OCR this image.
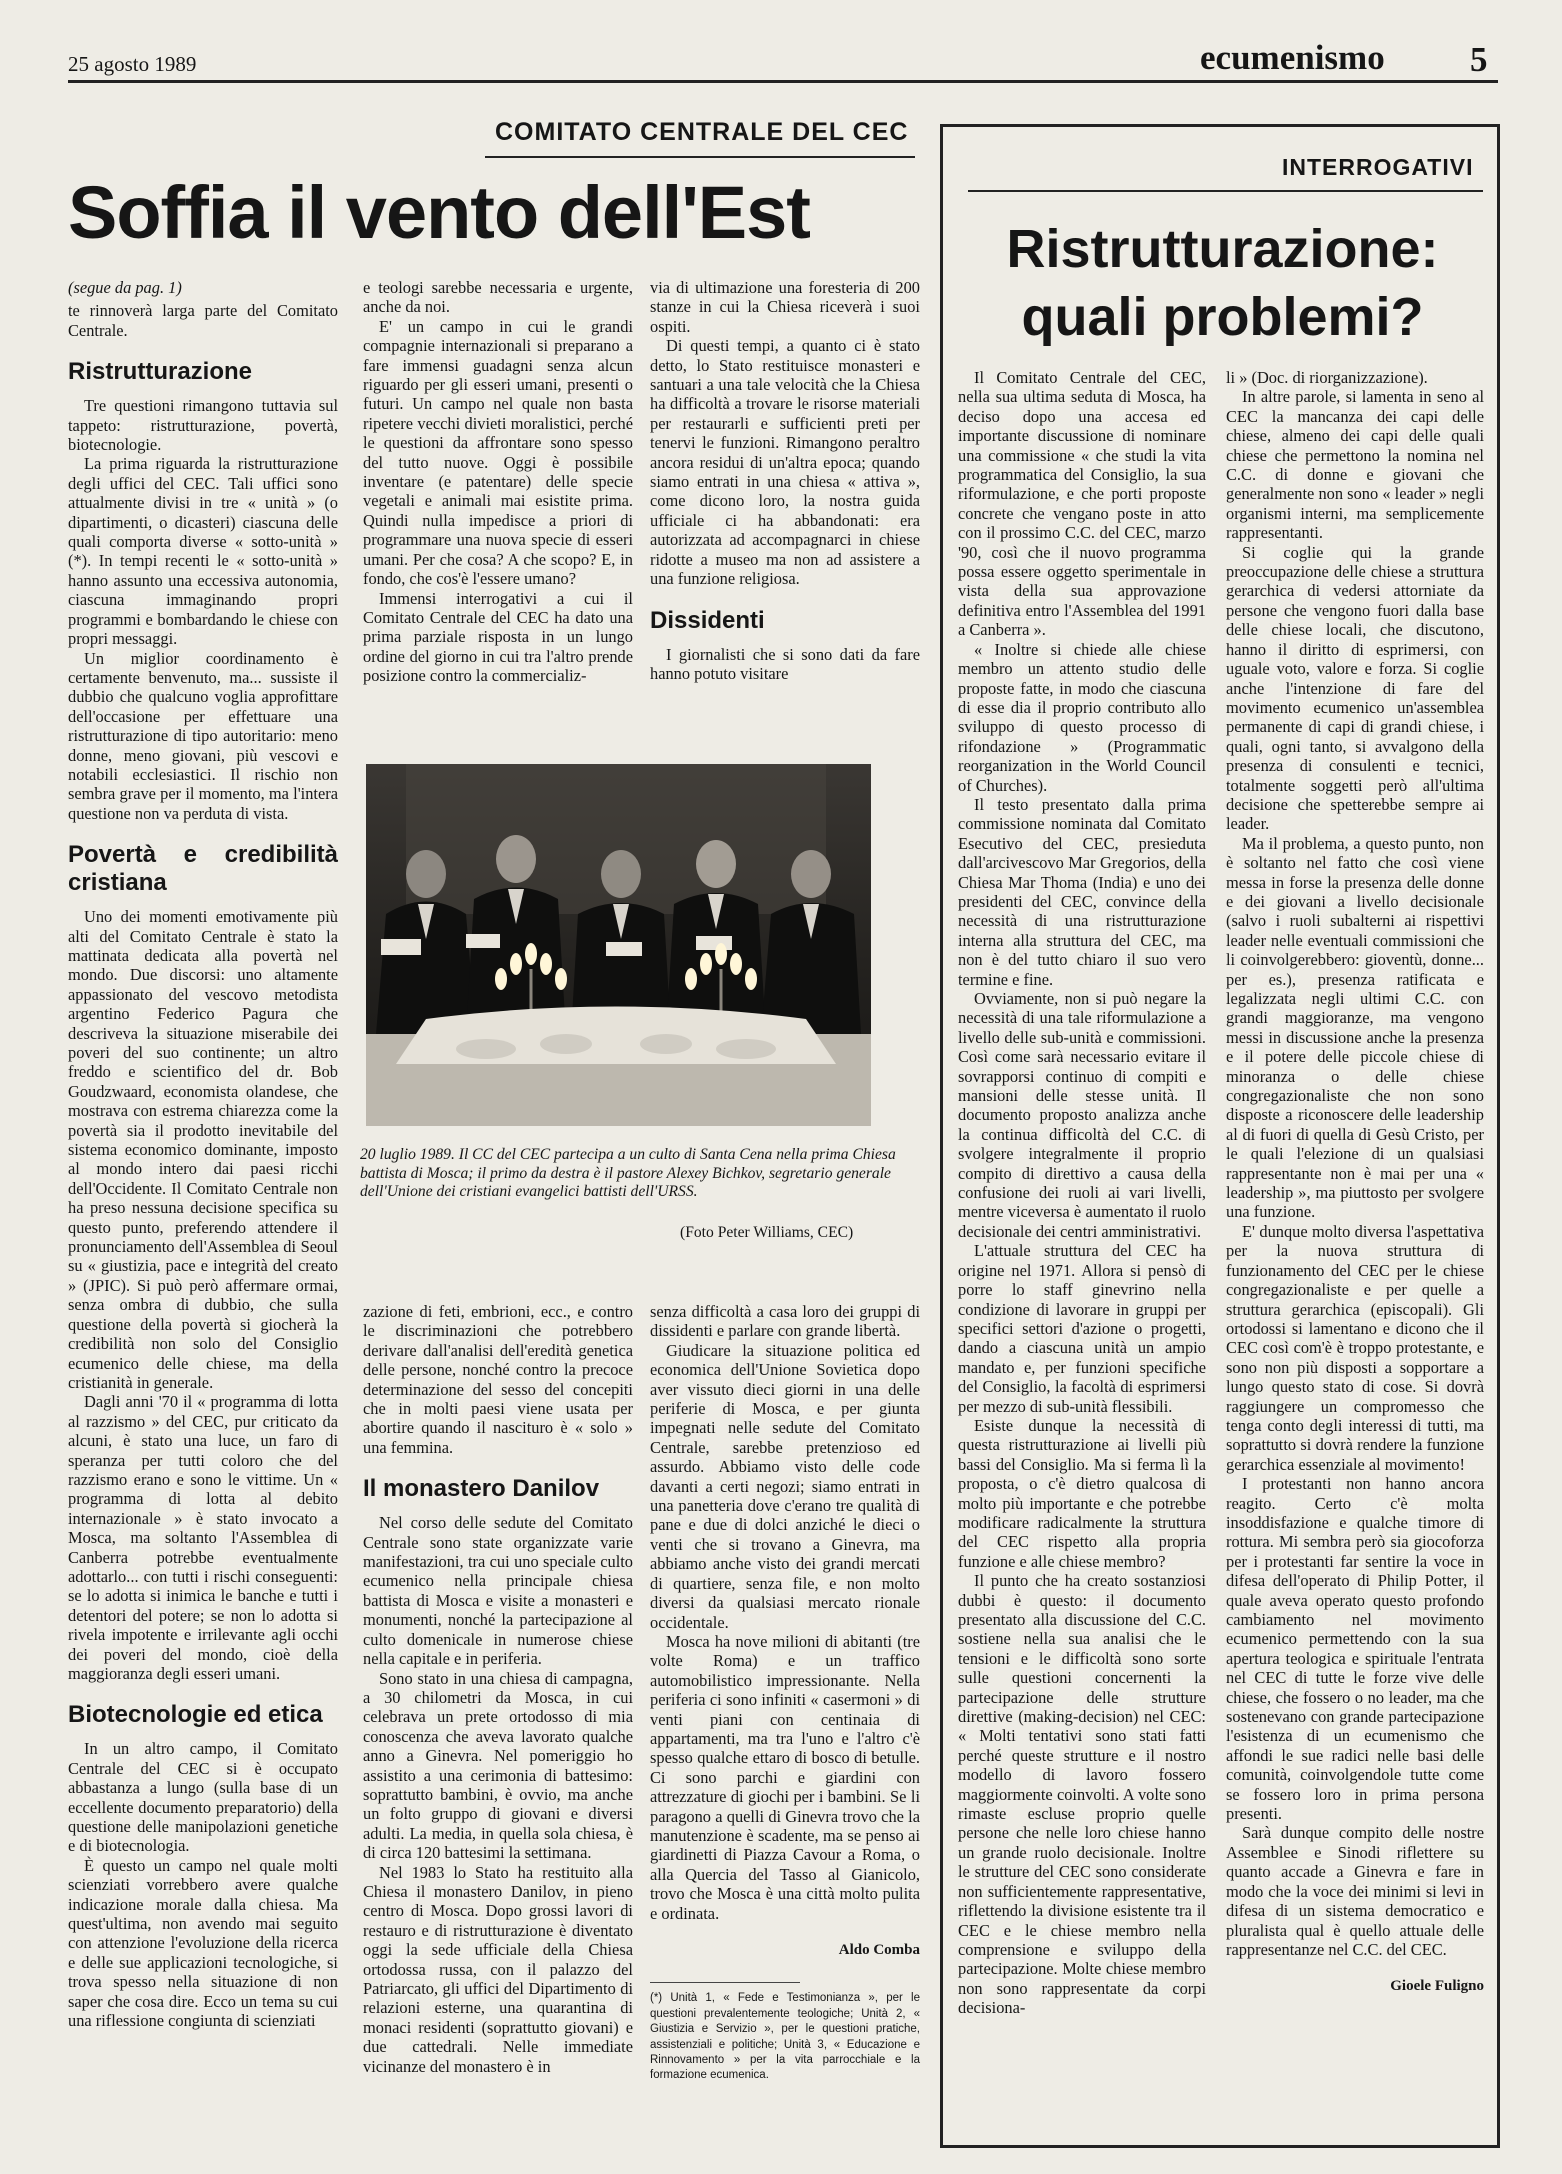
25 agosto 1989	ecumenismo 5
COMITATO CENTRALE DEL CEC
Soffia il vento dell'Est

(segue da pag. 1)

te rinnoverà larga parte del Comitato Centrale.

Ristrutturazione

Tre questioni rimangono tuttavia sul tappeto: ristrutturazione, povertà, biotecnologie.

La prima riguarda la ristrutturazione degli uffici del CEC. Tali uffici sono attualmente divisi in tre « unità » (o dipartimenti, o dicasteri) ciascuna delle quali comporta diverse « sotto-unità » (*). In tempi recenti le « sotto-unità » hanno assunto una eccessiva autonomia, ciascuna immaginando propri programmi e bombardando le chiese con propri messaggi.

Un miglior coordinamento è certamente benvenuto, ma... sussiste il dubbio che qualcuno voglia approfittare dell'occasione per effettuare una ristrutturazione di tipo autoritario: meno donne, meno giovani, più vescovi e notabili ecclesiastici. Il rischio non sembra grave per il momento, ma l'intera questione non va perduta di vista.

Povertà e credibilità cristiana

Uno dei momenti emotivamente più alti del Comitato Centrale è stato la mattinata dedicata alla povertà nel mondo. Due discorsi: uno altamente appassionato del vescovo metodista argentino Federico Pagura che descriveva la situazione miserabile dei poveri del suo continente; un altro freddo e scientifico del dr. Bob Goudzwaard, economista olandese, che mostrava con estrema chiarezza come la povertà sia il prodotto inevitabile del sistema economico dominante, imposto al mondo intero dai paesi ricchi dell'Occidente. Il Comitato Centrale non ha preso nessuna decisione specifica su questo punto, preferendo attendere il pronunciamento dell'Assemblea di Seoul su « giustizia, pace e integrità del creato » (JPIC). Si può però affermare ormai, senza ombra di dubbio, che sulla questione della povertà si giocherà la credibilità non solo del Consiglio ecumenico delle chiese, ma della cristianità in generale.

Dagli anni '70 il « programma di lotta al razzismo » del CEC, pur criticato da alcuni, è stato una luce, un faro di speranza per tutti coloro che del razzismo erano e sono le vittime. Un « programma di lotta al debito internazionale » è stato invocato a Mosca, ma soltanto l'Assemblea di Canberra potrebbe eventualmente adottarlo... con tutti i rischi conseguenti: se lo adotta si inimica le banche e tutti i detentori del potere; se non lo adotta si rivela impotente e irrilevante agli occhi dei poveri del mondo, cioè della maggioranza degli esseri umani.

Biotecnologie ed etica

In un altro campo, il Comitato Centrale del CEC si è occupato abbastanza a lungo (sulla base di un eccellente documento preparatorio) della questione delle manipolazioni genetiche e di biotecnologia.

È questo un campo nel quale molti scienziati vorrebbero avere qualche indicazione morale dalla chiesa. Ma quest'ultima, non avendo mai seguito con attenzione l'evoluzione della ricerca e delle sue applicazioni tecnologiche, si trova spesso nella situazione di non saper che cosa dire. Ecco un tema su cui una riflessione congiunta di scienziati

e teologi sarebbe necessaria e urgente, anche da noi.

E' un campo in cui le grandi compagnie internazionali si preparano a fare immensi guadagni senza alcun riguardo per gli esseri umani, presenti o futuri. Un campo nel quale non basta ripetere vecchi divieti moralistici, perché le questioni da affrontare sono spesso del tutto nuove. Oggi è possibile inventare (e patentare) delle specie vegetali e animali mai esistite prima. Quindi nulla impedisce a priori di programmare una nuova specie di esseri umani. Per che cosa? A che scopo? E, in fondo, che cos'è l'essere umano?

Immensi interrogativi a cui il Comitato Centrale del CEC ha dato una prima parziale risposta in un lungo ordine del giorno in cui tra l'altro prende posizione contro la commercializ-

via di ultimazione una foresteria di 200 stanze in cui la Chiesa riceverà i suoi ospiti.

Di questi tempi, a quanto ci è stato detto, lo Stato restituisce monasteri e santuari a una tale velocità che la Chiesa ha difficoltà a trovare le risorse materiali per restaurarli e sufficienti preti per tenervi le funzioni. Rimangono peraltro ancora residui di un'altra epoca; quando siamo entrati in una chiesa « attiva », come dicono loro, la nostra guida ufficiale ci ha abbandonati: era autorizzata ad accompagnarci in chiese ridotte a museo ma non ad assistere a una funzione religiosa.

Dissidenti

I giornalisti che si sono dati da fare hanno potuto visitare

20 luglio 1989. Il CC del CEC partecipa a un culto di Santa Cena nella prima Chiesa battista di Mosca; il primo da destra è il pastore Alexey Bichkov, segretario generale dell'Unione dei cristiani evangelici battisti dell'URSS.
(Foto Peter Williams, CEC)

zazione di feti, embrioni, ecc., e contro le discriminazioni che potrebbero derivare dall'analisi dell'eredità genetica delle persone, nonché contro la precoce determinazione del sesso del concepiti che in molti paesi viene usata per abortire quando il nascituro è « solo » una femmina.

Il monastero Danilov

Nel corso delle sedute del Comitato Centrale sono state organizzate varie manifestazioni, tra cui uno speciale culto ecumenico nella principale chiesa battista di Mosca e visite a monasteri e monumenti, nonché la partecipazione al culto domenicale in numerose chiese nella capitale e in periferia.

Sono stato in una chiesa di campagna, a 30 chilometri da Mosca, in cui celebrava un prete ortodosso di mia conoscenza che aveva lavorato qualche anno a Ginevra. Nel pomeriggio ho assistito a una cerimonia di battesimo: soprattutto bambini, è ovvio, ma anche un folto gruppo di giovani e diversi adulti. La media, in quella sola chiesa, è di circa 120 battesimi la settimana.

Nel 1983 lo Stato ha restituito alla Chiesa il monastero Danilov, in pieno centro di Mosca. Dopo grossi lavori di restauro e di ristrutturazione è diventato oggi la sede ufficiale della Chiesa ortodossa russa, con il palazzo del Patriarcato, gli uffici del Dipartimento di relazioni esterne, una quarantina di monaci residenti (soprattutto giovani) e due cattedrali. Nelle immediate vicinanze del monastero è in

senza difficoltà a casa loro dei gruppi di dissidenti e parlare con grande libertà.

Giudicare la situazione politica ed economica dell'Unione Sovietica dopo aver vissuto dieci giorni in una delle periferie di Mosca, e per giunta impegnati nelle sedute del Comitato Centrale, sarebbe pretenzioso ed assurdo. Abbiamo visto delle code davanti a certi negozi; siamo entrati in una panetteria dove c'erano tre qualità di pane e due di dolci anziché le dieci o venti che si trovano a Ginevra, ma abbiamo anche visto dei grandi mercati di quartiere, senza file, e non molto diversi da qualsiasi mercato rionale occidentale.

Mosca ha nove milioni di abitanti (tre volte Roma) e un traffico automobilistico impressionante. Nella periferia ci sono infiniti « casermoni » di venti piani con centinaia di appartamenti, ma tra l'uno e l'altro c'è spesso qualche ettaro di bosco di betulle. Ci sono parchi e giardini con attrezzature di giochi per i bambini. Se li paragono a quelli di Ginevra trovo che la manutenzione è scadente, ma se penso ai giardinetti di Piazza Cavour a Roma, o alla Quercia del Tasso al Gianicolo, trovo che Mosca è una città molto pulita e ordinata.

Aldo Comba
(*) Unità 1, « Fede e Testimonianza », per le questioni prevalentemente teologiche; Unità 2, « Giustizia e Servizio », per le questioni pratiche, assistenziali e politiche; Unità 3, « Educazione e Rinnovamento » per la vita parrocchiale e la formazione ecumenica.
INTERROGATIVI
Ristrutturazione: quali problemi?

Il Comitato Centrale del CEC, nella sua ultima seduta di Mosca, ha deciso dopo una accesa ed importante discussione di nominare una commissione « che studi la vita programmatica del Consiglio, la sua riformulazione, e che porti proposte concrete che vengano poste in atto con il prossimo C.C. del CEC, marzo '90, così che il nuovo programma possa essere oggetto sperimentale in vista della sua approvazione definitiva entro l'Assemblea del 1991 a Canberra ».

« Inoltre si chiede alle chiese membro un attento studio delle proposte fatte, in modo che ciascuna di esse dia il proprio contributo allo sviluppo di questo processo di rifondazione » (Programmatic reorganization in the World Council of Churches).

Il testo presentato dalla prima commissione nominata dal Comitato Esecutivo del CEC, presieduta dall'arcivescovo Mar Gregorios, della Chiesa Mar Thoma (India) e uno dei presidenti del CEC, convince della necessità di una ristrutturazione interna alla struttura del CEC, ma non è del tutto chiaro il suo vero termine e fine.

Ovviamente, non si può negare la necessità di una tale riformulazione a livello delle sub-unità e commissioni. Così come sarà necessario evitare il sovrapporsi continuo di compiti e mansioni delle stesse unità. Il documento proposto analizza anche la continua difficoltà del C.C. di svolgere integralmente il proprio compito di direttivo a causa della confusione dei ruoli ai vari livelli, mentre viceversa è aumentato il ruolo decisionale dei centri amministrativi.

L'attuale struttura del CEC ha origine nel 1971. Allora si pensò di porre lo staff ginevrino nella condizione di lavorare in gruppi per specifici settori d'azione o progetti, dando a ciascuna unità un ampio mandato e, per funzioni specifiche del Consiglio, la facoltà di esprimersi per mezzo di sub-unità flessibili.

Esiste dunque la necessità di questa ristrutturazione ai livelli più bassi del Consiglio. Ma si ferma lì la proposta, o c'è dietro qualcosa di molto più importante e che potrebbe modificare radicalmente la struttura del CEC rispetto alla propria funzione e alle chiese membro?

Il punto che ha creato sostanziosi dubbi è questo: il documento presentato alla discussione del C.C. sostiene nella sua analisi che le tensioni e le difficoltà sono sorte sulle questioni concernenti la partecipazione delle strutture direttive (making-decision) nel CEC: « Molti tentativi sono stati fatti perché queste strutture e il nostro modello di lavoro fossero maggiormente coinvolti. A volte sono rimaste escluse proprio quelle persone che nelle loro chiese hanno un grande ruolo decisionale. Inoltre le strutture del CEC sono considerate non sufficientemente rappresentative, riflettendo la divisione esistente tra il CEC e le chiese membro nella comprensione e sviluppo della partecipazione. Molte chiese membro non sono rappresentate da corpi decisiona-

li » (Doc. di riorganizzazione).

In altre parole, si lamenta in seno al CEC la mancanza dei capi delle chiese, almeno dei capi delle quali chiese che permettono la nomina nel C.C. di donne e giovani che generalmente non sono « leader » negli organismi interni, ma semplicemente rappresentanti.

Si coglie qui la grande preoccupazione delle chiese a struttura gerarchica di vedersi attorniate da persone che vengono fuori dalla base delle chiese locali, che discutono, hanno il diritto di esprimersi, con uguale voto, valore e forza. Si coglie anche l'intenzione di fare del movimento ecumenico un'assemblea permanente di capi di grandi chiese, i quali, ogni tanto, si avvalgono della presenza di consulenti e tecnici, totalmente soggetti però all'ultima decisione che spetterebbe sempre ai leader.

Ma il problema, a questo punto, non è soltanto nel fatto che così viene messa in forse la presenza delle donne e dei giovani a livello decisionale (salvo i ruoli subalterni ai rispettivi leader nelle eventuali commissioni che li coinvolgerebbero: gioventù, donne... per es.), presenza ratificata e legalizzata negli ultimi C.C. con grandi maggioranze, ma vengono messi in discussione anche la presenza e il potere delle piccole chiese di minoranza o delle chiese congregazionaliste che non sono disposte a riconoscere delle leadership al di fuori di quella di Gesù Cristo, per le quali l'elezione di un qualsiasi rappresentante non è mai per una « leadership », ma piuttosto per svolgere una funzione.

E' dunque molto diversa l'aspettativa per la nuova struttura di funzionamento del CEC per le chiese congregazionaliste e per quelle a struttura gerarchica (episcopali). Gli ortodossi si lamentano e dicono che il CEC così com'è è troppo protestante, e sono non più disposti a sopportare a lungo questo stato di cose. Si dovrà raggiungere un compromesso che tenga conto degli interessi di tutti, ma soprattutto si dovrà rendere la funzione gerarchica essenziale al movimento!

I protestanti non hanno ancora reagito. Certo c'è molta insoddisfazione e qualche timore di rottura. Mi sembra però sia giocoforza per i protestanti far sentire la voce in difesa dell'operato di Philip Potter, il quale aveva operato questo profondo cambiamento nel movimento ecumenico permettendo con la sua apertura teologica e spirituale l'entrata nel CEC di tutte le forze vive delle chiese, che fossero o no leader, ma che sostenevano con grande partecipazione l'esistenza di un ecumenismo che affondi le sue radici nelle basi delle comunità, coinvolgendole tutte come se fossero loro in prima persona presenti.

Sarà dunque compito delle nostre Assemblee e Sinodi riflettere su quanto accade a Ginevra e fare in modo che la voce dei minimi si levi in difesa di un sistema democratico e pluralista qual è quello attuale delle rappresentanze nel C.C. del CEC.

Gioele Fuligno
